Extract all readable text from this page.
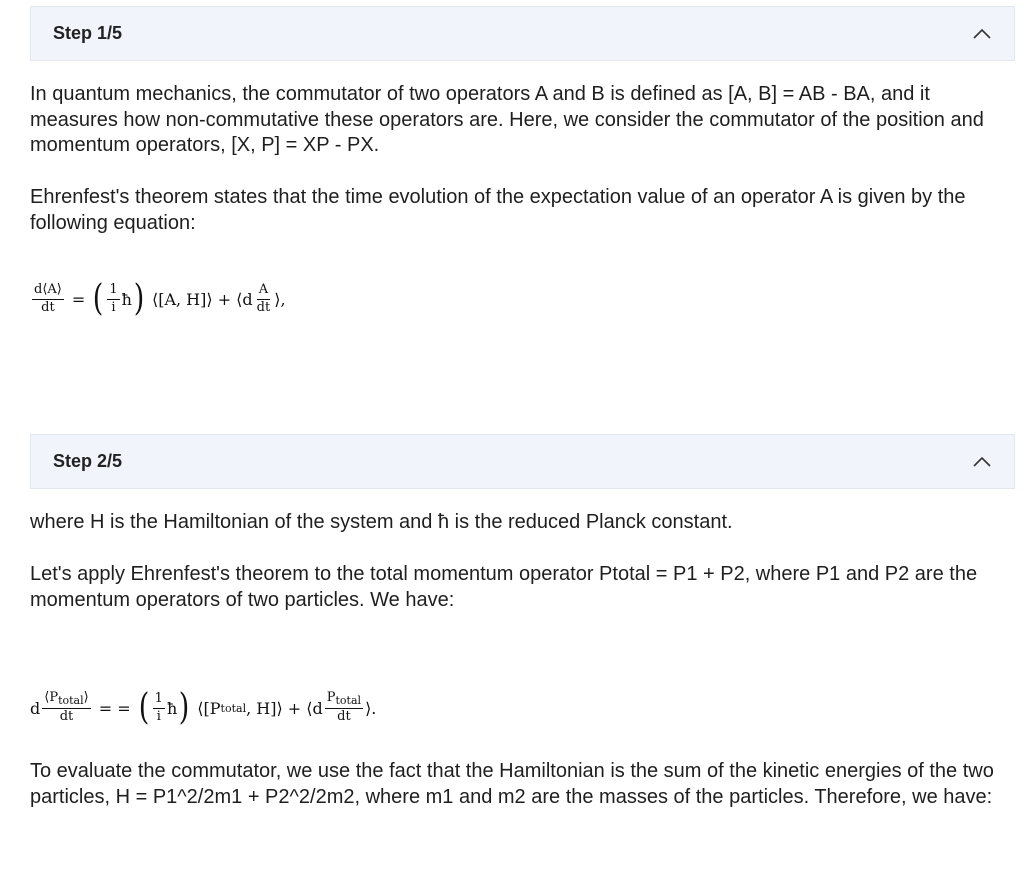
Step 1/5

In quantum mechanics, the commutator of two operators A and B is defined as [A, B] = AB - BA, and it measures how non-commutative these operators are. Here, we consider the commutator of the position and momentum operators, [X, P] = XP - PX.

Ehrenfest's theorem states that the time evolution of the expectation value of an operator A is given by the following equation:

$\frac{d⟨A⟩}{dt}$ = ( $\frac{1}{i}$ ħ ) ⟨[A, H]⟩ + ⟨d $\frac{A}{dt}$ ⟩,
Step 2/5

where H is the Hamiltonian of the system and ħ is the reduced Planck constant.

Let's apply Ehrenfest's theorem to the total momentum operator Ptotal = P1 + P2, where P1 and P2 are the momentum operators of two particles. We have:

d $\frac{⟨P_{total}⟩}{dt}$ = = ( $\frac{1}{i}$ ħ ) ⟨[P total , H]⟩ + ⟨d $\frac{P_{total}}{dt}$ ⟩.

To evaluate the commutator, we use the fact that the Hamiltonian is the sum of the kinetic energies of the two particles, H = P1^2/2m1 + P2^2/2m2, where m1 and m2 are the masses of the particles. Therefore, we have:
